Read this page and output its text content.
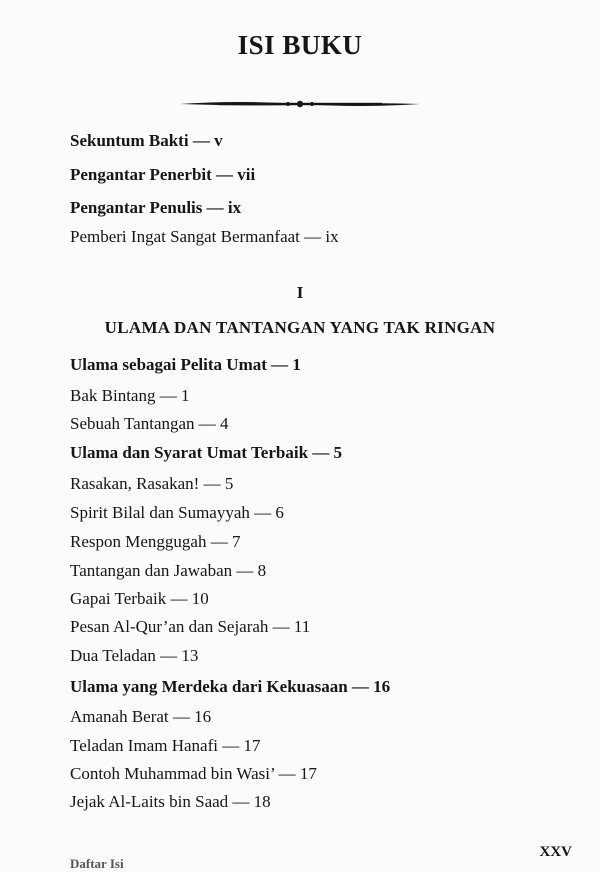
ISI BUKU
Sekuntum Bakti — v
Pengantar Penerbit — vii
Pengantar Penulis — ix
Pemberi Ingat Sangat Bermanfaat — ix
I
ULAMA DAN TANTANGAN YANG TAK RINGAN
Ulama sebagai Pelita Umat — 1
Bak Bintang — 1
Sebuah Tantangan — 4
Ulama dan Syarat Umat Terbaik — 5
Rasakan, Rasakan! — 5
Spirit Bilal dan Sumayyah — 6
Respon Menggugah — 7
Tantangan dan Jawaban — 8
Gapai Terbaik — 10
Pesan Al-Qur’an dan Sejarah — 11
Dua Teladan — 13
Ulama yang Merdeka dari Kekuasaan — 16
Amanah Berat — 16
Teladan Imam Hanafi — 17
Contoh Muhammad bin Wasi’ — 17
Jejak Al-Laits bin Saad — 18
XXV
Daftar Isi
